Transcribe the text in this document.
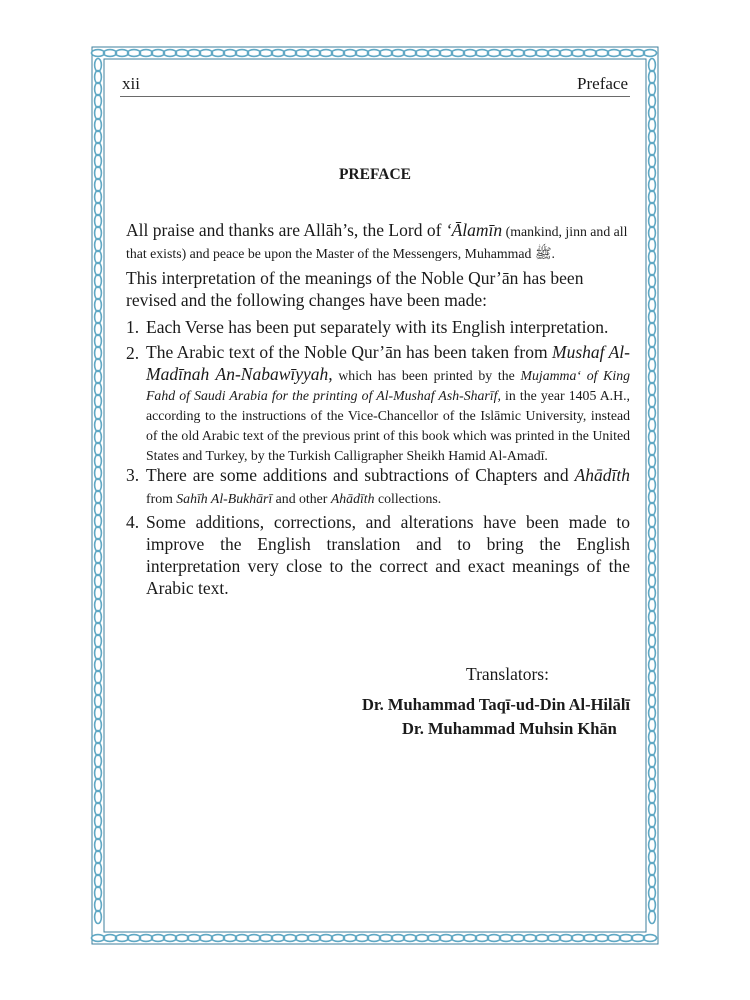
xii	Preface
PREFACE
All praise and thanks are Allāh’s, the Lord of ‘Ālamīn (mankind, jinn and all that exists) and peace be upon the Master of the Messengers, Muhammad ﷺ.
This interpretation of the meanings of the Noble Qur’ān has been revised and the following changes have been made:
1. Each Verse has been put separately with its English interpretation.
2. The Arabic text of the Noble Qur’ān has been taken from Mushaf Al-Madīnah An-Nabawīyyah, which has been printed by the Mujamma‘ of King Fahd of Saudi Arabia for the printing of Al-Mushaf Ash-Sharīf, in the year 1405 A.H., according to the instructions of the Vice-Chancellor of the Islāmic University, instead of the old Arabic text of the previous print of this book which was printed in the United States and Turkey, by the Turkish Calligrapher Sheikh Hamid Al-Amadī.
3. There are some additions and subtractions of Chapters and Ahādīth from Sahīh Al-Bukhārī and other Ahādīth collections.
4. Some additions, corrections, and alterations have been made to improve the English translation and to bring the English interpretation very close to the correct and exact meanings of the Arabic text.
Translators:
Dr. Muhammad Taqī-ud-Din Al-Hilālī
Dr. Muhammad Muhsin Khān
